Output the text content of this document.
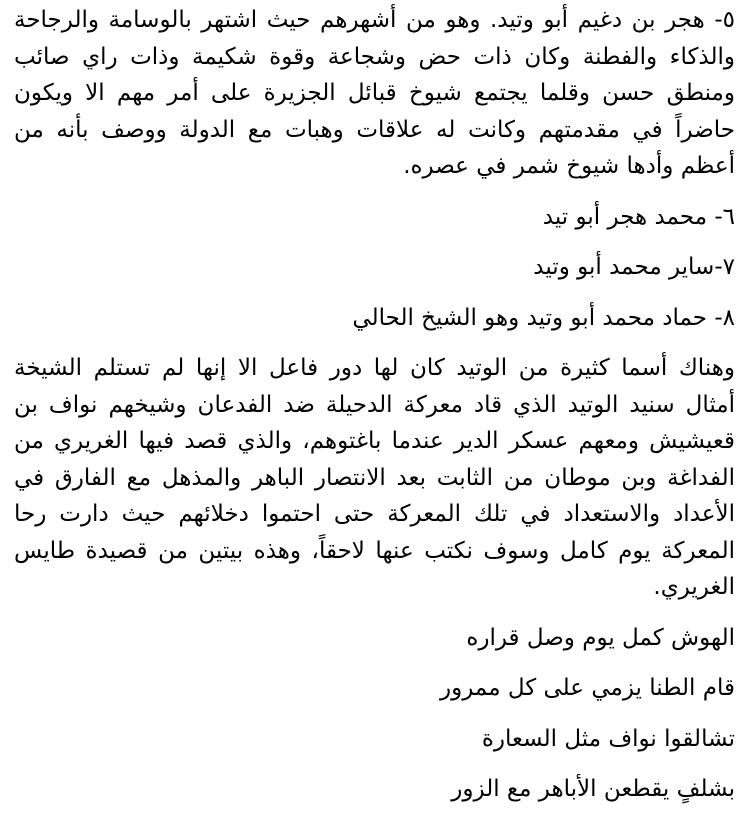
٥- هجر بن دغيم أبو وتيد. وهو من أشهرهم حيث اشتهر بالوسامة والرجاحة والذكاء والفطنة وكان ذات حض وشجاعة وقوة شكيمة وذات راي صائب ومنطق حسن وقلما يجتمع شيوخ قبائل الجزيرة على أمر مهم الا ويكون حاضراً في مقدمتهم وكانت له علاقات وهبات مع الدولة ووصف بأنه من أعظم وأدها شيوخ شمر في عصره.

٦- محمد هجر أبو تيد
٧-ساير محمد أبو وتيد
٨- حماد محمد أبو وتيد وهو الشيخ الحالي

وهناك أسما كثيرة من الوتيد كان لها دور فاعل الا إنها لم تستلم الشيخة أمثال سنيد الوتيد الذي قاد معركة الدحيلة ضد الفدعان وشيخهم نواف بن قعيشيش ومعهم عسكر الدير عندما باغتوهم، والذي قصد فيها الغريري من الفداغة وبن موطان من الثابت بعد الانتصار الباهر والمذهل مع الفارق في الأعداد والاستعداد في تلك المعركة حتى احتموا دخلائهم حيث دارت رحا المعركة يوم كامل وسوف نكتب عنها لاحقاً، وهذه بيتين من قصيدة طايس الغريري.

الهوش كمل يوم وصل قراره
قام الطنا يزمي على كل ممرور
تشالقوا نواف مثل السعارة
بشلفٍ يقطعن الأباهر مع الزور
